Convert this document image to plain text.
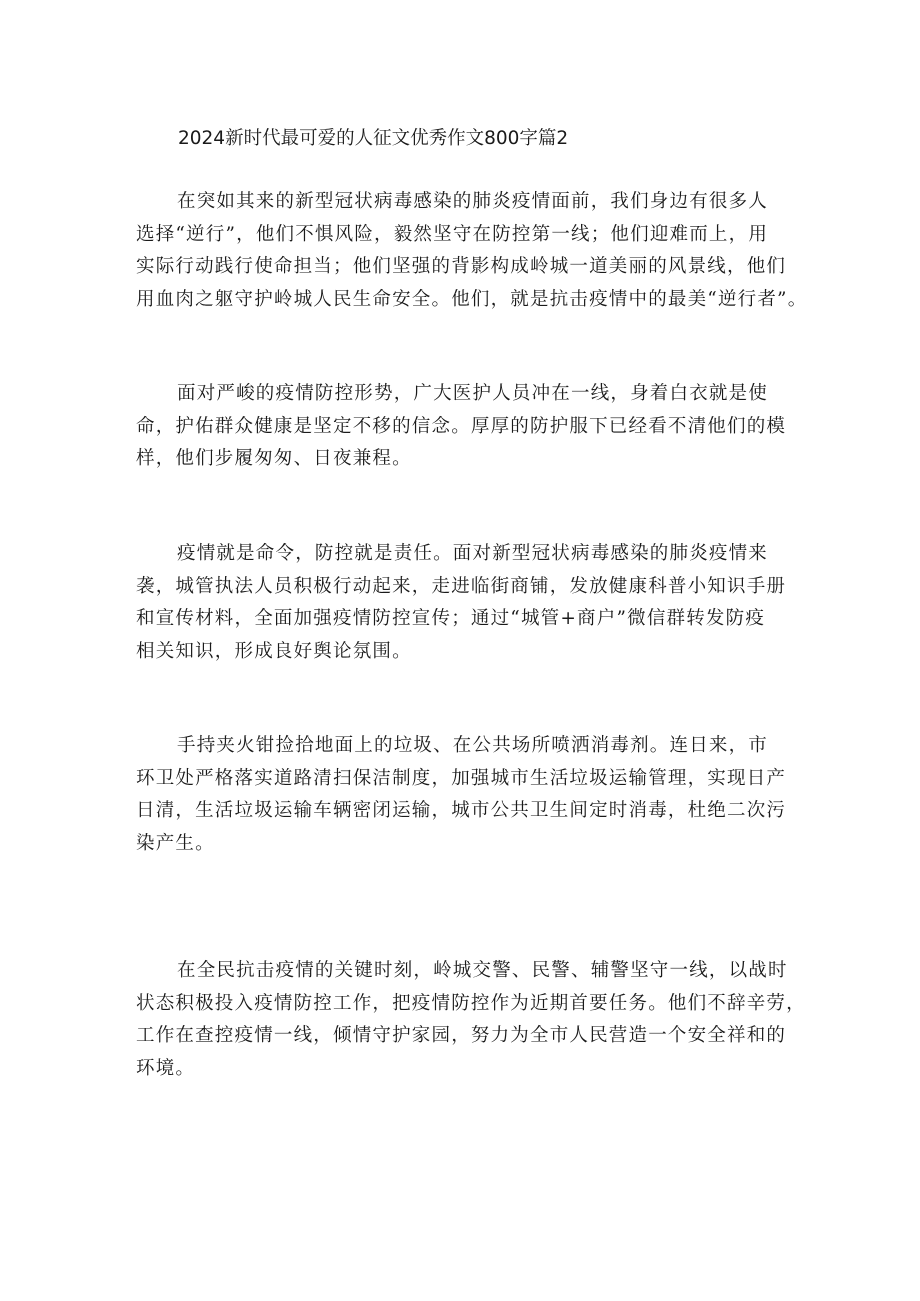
2024新时代最可爱的人征文优秀作文800字篇2

在突如其来的新型冠状病毒感染的肺炎疫情面前，我们身边有很多人
选择“逆行”，他们不惧风险，毅然坚守在防控第一线；他们迎难而上，用
实际行动践行使命担当；他们坚强的背影构成岭城一道美丽的风景线，他们
用血肉之躯守护岭城人民生命安全。他们，就是抗击疫情中的最美“逆行者”。

面对严峻的疫情防控形势，广大医护人员冲在一线，身着白衣就是使
命，护佑群众健康是坚定不移的信念。厚厚的防护服下已经看不清他们的模
样，他们步履匆匆、日夜兼程。

疫情就是命令，防控就是责任。面对新型冠状病毒感染的肺炎疫情来
袭，城管执法人员积极行动起来，走进临街商铺，发放健康科普小知识手册
和宣传材料，全面加强疫情防控宣传；通过“城管+商户”微信群转发防疫
相关知识，形成良好舆论氛围。

手持夹火钳捡拾地面上的垃圾、在公共场所喷洒消毒剂。连日来，市
环卫处严格落实道路清扫保洁制度，加强城市生活垃圾运输管理，实现日产
日清，生活垃圾运输车辆密闭运输，城市公共卫生间定时消毒，杜绝二次污
染产生。

在全民抗击疫情的关键时刻，岭城交警、民警、辅警坚守一线，以战时
状态积极投入疫情防控工作，把疫情防控作为近期首要任务。他们不辞辛劳，
工作在查控疫情一线，倾情守护家园，努力为全市人民营造一个安全祥和的
环境。
